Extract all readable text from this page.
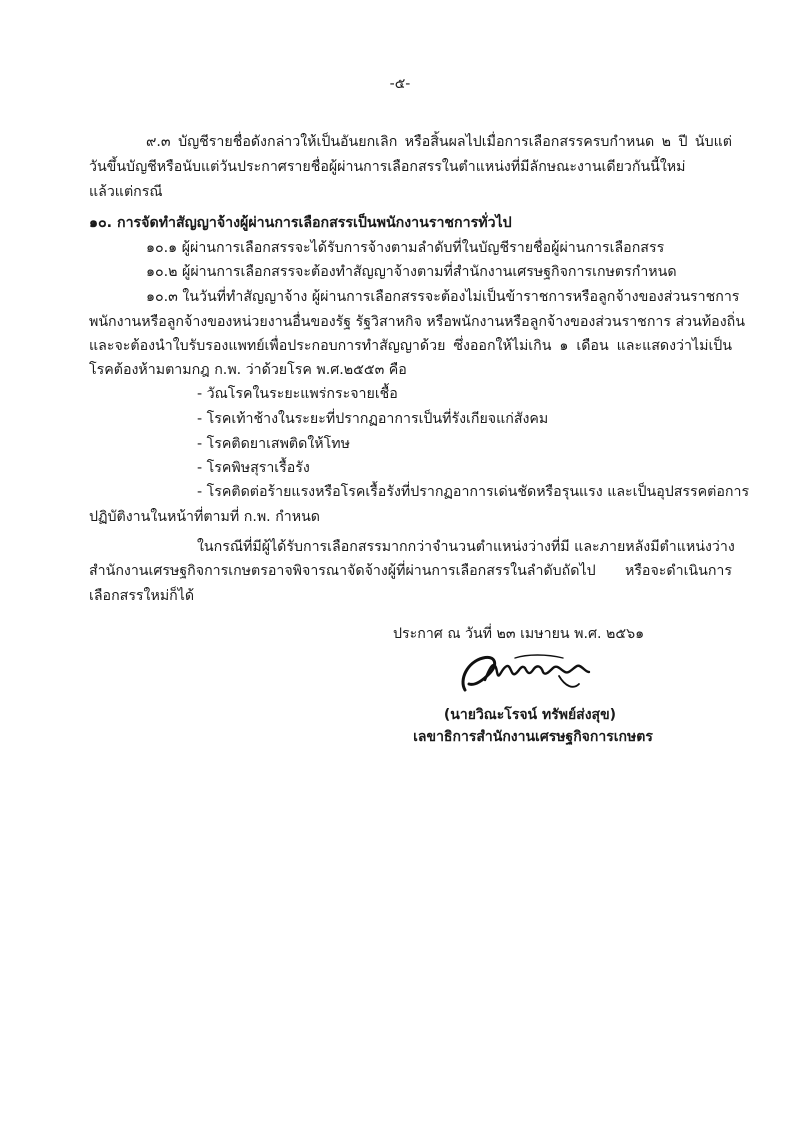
-๕-
๙.๓ บัญชีรายชื่อดังกล่าวให้เป็นอันยกเลิก หรือสิ้นผลไปเมื่อการเลือกสรรครบกำหนด ๒ ปี นับแต่
วันขึ้นบัญชีหรือนับแต่วันประกาศรายชื่อผู้ผ่านการเลือกสรรในตำแหน่งที่มีลักษณะงานเดียวกันนี้ใหม่
แล้วแต่กรณี
๑๐. การจัดทำสัญญาจ้างผู้ผ่านการเลือกสรรเป็นพนักงานราชการทั่วไป
๑๐.๑ ผู้ผ่านการเลือกสรรจะได้รับการจ้างตามลำดับที่ในบัญชีรายชื่อผู้ผ่านการเลือกสรร
๑๐.๒ ผู้ผ่านการเลือกสรรจะต้องทำสัญญาจ้างตามที่สำนักงานเศรษฐกิจการเกษตรกำหนด
๑๐.๓ ในวันที่ทำสัญญาจ้าง ผู้ผ่านการเลือกสรรจะต้องไม่เป็นข้าราชการหรือลูกจ้างของส่วนราชการ
พนักงานหรือลูกจ้างของหน่วยงานอื่นของรัฐ รัฐวิสาหกิจ หรือพนักงานหรือลูกจ้างของส่วนราชการ ส่วนท้องถิ่น
และจะต้องนำใบรับรองแพทย์เพื่อประกอบการทำสัญญาด้วย ซึ่งออกให้ไม่เกิน ๑ เดือน และแสดงว่าไม่เป็น
โรคต้องห้ามตามกฎ ก.พ. ว่าด้วยโรค พ.ศ.๒๕๕๓ คือ
- วัณโรคในระยะแพร่กระจายเชื้อ
- โรคเท้าช้างในระยะที่ปรากฏอาการเป็นที่รังเกียจแก่สังคม
- โรคติดยาเสพติดให้โทษ
- โรคพิษสุราเรื้อรัง
- โรคติดต่อร้ายแรงหรือโรคเรื้อรังที่ปรากฏอาการเด่นชัดหรือรุนแรง และเป็นอุปสรรคต่อการ
ปฏิบัติงานในหน้าที่ตามที่ ก.พ. กำหนด
ในกรณีที่มีผู้ได้รับการเลือกสรรมากกว่าจำนวนตำแหน่งว่างที่มี และภายหลังมีตำแหน่งว่าง
สำนักงานเศรษฐกิจการเกษตรอาจพิจารณาจัดจ้างผู้ที่ผ่านการเลือกสรรในลำดับถัดไป หรือจะดำเนินการ
เลือกสรรใหม่ก็ได้
ประกาศ ณ วันที่ ๒๓ เมษายน พ.ศ. ๒๕๖๑
(นายวิณะโรจน์ ทรัพย์ส่งสุข)
เลขาธิการสำนักงานเศรษฐกิจการเกษตร
